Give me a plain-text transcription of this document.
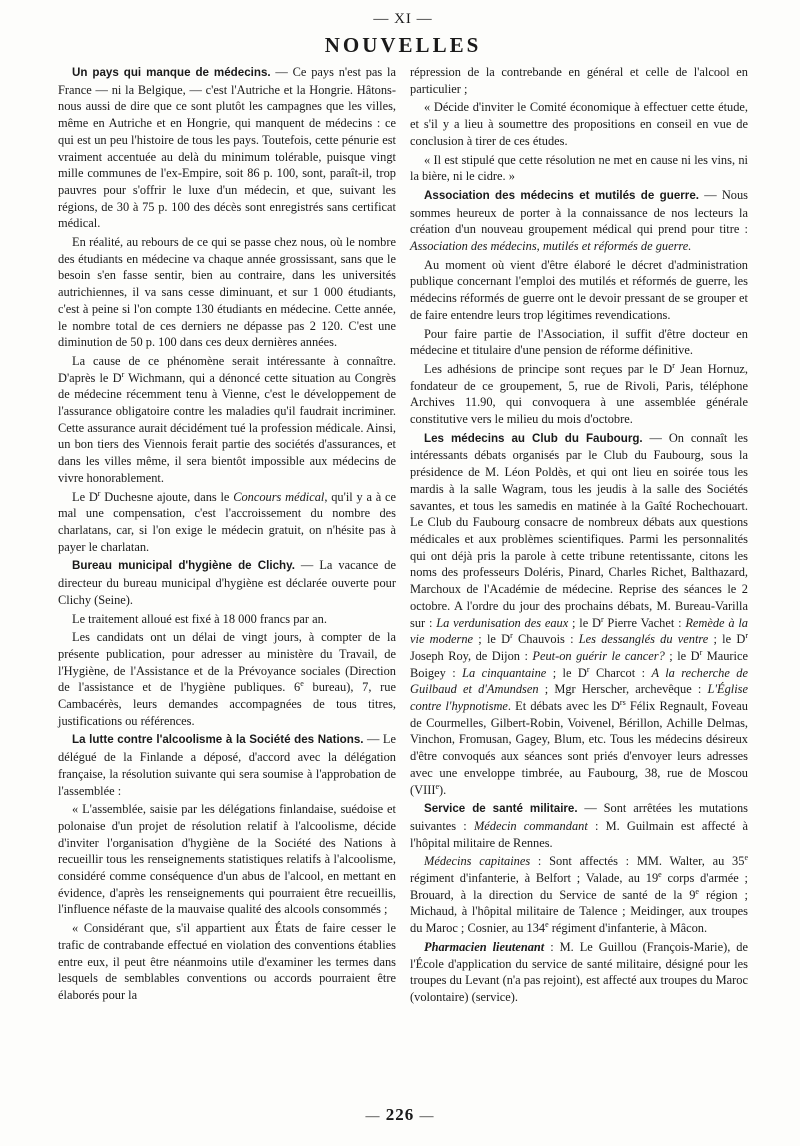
— XI —
NOUVELLES

Un pays qui manque de médecins. — Ce pays n'est pas la France — ni la Belgique, — c'est l'Autriche et la Hongrie. Hâtons-nous aussi de dire que ce sont plutôt les campagnes que les villes, même en Autriche et en Hongrie, qui manquent de médecins : ce qui est un peu l'histoire de tous les pays. Toutefois, cette pénurie est vraiment accentuée au delà du minimum tolérable, puisque vingt mille communes de l'ex-Empire, soit 86 p. 100, sont, paraît-il, trop pauvres pour s'offrir le luxe d'un médecin, et que, suivant les régions, de 30 à 75 p. 100 des décès sont enregistrés sans certificat médical.

En réalité, au rebours de ce qui se passe chez nous, où le nombre des étudiants en médecine va chaque année grossissant, sans que le besoin s'en fasse sentir, bien au contraire, dans les universités autrichiennes, il va sans cesse diminuant, et sur 1 000 étudiants, c'est à peine si l'on compte 130 étudiants en médecine. Cette année, le nombre total de ces derniers ne dépasse pas 2 120. C'est une diminution de 50 p. 100 dans ces deux dernières années.

La cause de ce phénomène serait intéressante à connaître. D'après le $D^r$ Wichmann, qui a dénoncé cette situation au Congrès de médecine récemment tenu à Vienne, c'est le développement de l'assurance obligatoire contre les maladies qu'il faudrait incriminer. Cette assurance aurait décidément tué la profession médicale. Ainsi, un bon tiers des Viennois ferait partie des sociétés d'assurances, et dans les villes même, il sera bientôt impossible aux médecins de vivre honorablement.

Le $D^r$ Duchesne ajoute, dans le Concours médical, qu'il y a à ce mal une compensation, c'est l'accroissement du nombre des charlatans, car, si l'on exige le médecin gratuit, on n'hésite pas à payer le charlatan.

Bureau municipal d'hygiène de Clichy. — La vacance de directeur du bureau municipal d'hygiène est déclarée ouverte pour Clichy (Seine).

Le traitement alloué est fixé à 18 000 francs par an.

Les candidats ont un délai de vingt jours, à compter de la présente publication, pour adresser au ministère du Travail, de l'Hygiène, de l'Assistance et de la Prévoyance sociales (Direction de l'assistance et de l'hygiène publiques. 6e bureau), 7, rue Cambacérès, leurs demandes accompagnées de tous titres, justifications ou références.

La lutte contre l'alcoolisme à la Société des Nations. — Le délégué de la Finlande a déposé, d'accord avec la délégation française, la résolution suivante qui sera soumise à l'approbation de l'assemblée :

« L'assemblée, saisie par les délégations finlandaise, suédoise et polonaise d'un projet de résolution relatif à l'alcoolisme, décide d'inviter l'organisation d'hygiène de la Société des Nations à recueillir tous les renseignements statistiques relatifs à l'alcoolisme, considéré comme conséquence d'un abus de l'alcool, en mettant en évidence, d'après les renseignements qui pourraient être recueillis, l'influence néfaste de la mauvaise qualité des alcools consommés ;

« Considérant que, s'il appartient aux États de faire cesser le trafic de contrabande effectué en violation des conventions établies entre eux, il peut être néanmoins utile d'examiner les termes dans lesquels de semblables conventions ou accords pourraient être élaborés pour la

répression de la contrebande en général et celle de l'alcool en particulier ;

« Décide d'inviter le Comité économique à effectuer cette étude, et s'il y a lieu à soumettre des propositions en conseil en vue de conclusion à tirer de ces études.

« Il est stipulé que cette résolution ne met en cause ni les vins, ni la bière, ni le cidre. »

Association des médecins et mutilés de guerre. — Nous sommes heureux de porter à la connaissance de nos lecteurs la création d'un nouveau groupement médical qui prend pour titre : Association des médecins, mutilés et réformés de guerre.

Au moment où vient d'être élaboré le décret d'administration publique concernant l'emploi des mutilés et réformés de guerre, les médecins réformés de guerre ont le devoir pressant de se grouper et de faire entendre leurs trop légitimes revendications.

Pour faire partie de l'Association, il suffit d'être docteur en médecine et titulaire d'une pension de réforme définitive.

Les adhésions de principe sont reçues par le $D^r$ Jean Hornuz, fondateur de ce groupement, 5, rue de Rivoli, Paris, téléphone Archives 11.90, qui convoquera à une assemblée générale constitutive vers le milieu du mois d'octobre.

Les médecins au Club du Faubourg. — On connaît les intéressants débats organisés par le Club du Faubourg, sous la présidence de M. Léon Poldès, et qui ont lieu en soirée tous les mardis à la salle Wagram, tous les jeudis à la salle des Sociétés savantes, et tous les samedis en matinée à la Gaîté Rochechouart. Le Club du Faubourg consacre de nombreux débats aux questions médicales et aux problèmes scientifiques. Parmi les personnalités qui ont déjà pris la parole à cette tribune retentissante, citons les noms des professeurs Doléris, Pinard, Charles Richet, Balthazard, Marchoux de l'Académie de médecine. Reprise des séances le 2 octobre. A l'ordre du jour des prochains débats, M. Bureau-Varilla sur : La verdunisation des eaux ; le $D^r$ Pierre Vachet : Remède à la vie moderne ; le $D^r$ Chauvois : Les dessanglés du ventre ; le $D^r$ Joseph Roy, de Dijon : Peut-on guérir le cancer? ; le $D^r$ Maurice Boigey : La cinquantaine ; le $D^r$ Charcot : A la recherche de Guilbaud et d'Amundsen ; Mgr Herscher, archevêque : L'Église contre l'hypnotisme. Et débats avec les $D^{rs}$ Félix Regnault, Foveau de Courmelles, Gilbert-Robin, Voivenel, Bérillon, Achille Delmas, Vinchon, Fromusan, Gagey, Blum, etc. Tous les médecins désireux d'être convoqués aux séances sont priés d'envoyer leurs adresses avec une enveloppe timbrée, au Faubourg, 38, rue de Moscou (VIIIe).

Service de santé militaire. — Sont arrêtées les mutations suivantes : Médecin commandant : M. Guilmain est affecté à l'hôpital militaire de Rennes.

Médecins capitaines : Sont affectés : MM. Walter, au 35e régiment d'infanterie, à Belfort ; Valade, au 19e corps d'armée ; Brouard, à la direction du Service de santé de la 9e région ; Michaud, à l'hôpital militaire de Talence ; Meidinger, aux troupes du Maroc ; Cosnier, au 134e régiment d'infanterie, à Mâcon.

Pharmacien lieutenant : M. Le Guillou (François-Marie), de l'École d'application du service de santé militaire, désigné pour les troupes du Levant (n'a pas rejoint), est affecté aux troupes du Maroc (volontaire) (service).

— 226 —
